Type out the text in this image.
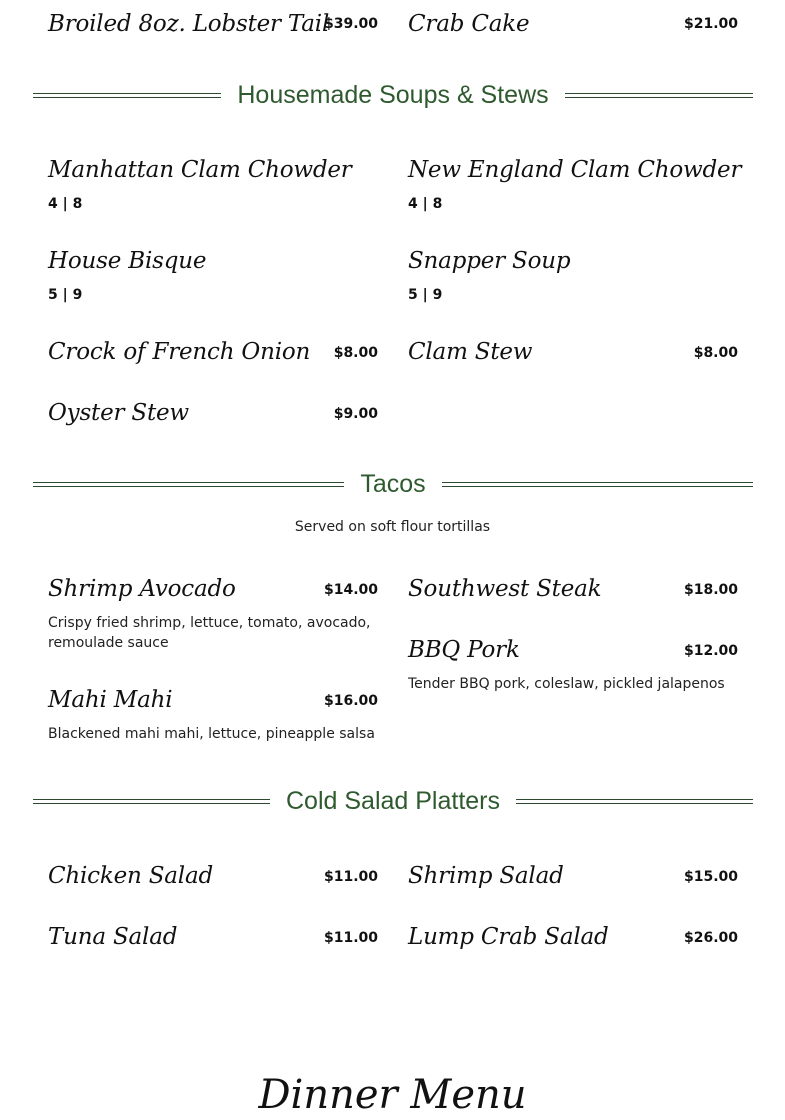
Broiled 8oz. Lobster Tail
$39.00 Crab Cake	$21.00
Housemade Soups & Stews
Manhattan Clam Chowder
4 | 8
New England Clam Chowder
4 | 8
House Bisque
5 | 9
Snapper Soup
5 | 9
Crock of French Onion	$8.00 Clam Stew	$8.00
Oyster Stew	$9.00
Tacos
Served on soft flour tortillas
Shrimp Avocado	$14.00
Crispy fried shrimp, lettuce, tomato, avocado, remoulade sauce
Southwest Steak	$18.00
BBQ Pork	$12.00
Tender BBQ pork, coleslaw, pickled jalapenos
Mahi Mahi	$16.00
Blackened mahi mahi, lettuce, pineapple salsa
Cold Salad Platters
Chicken Salad	$11.00 Shrimp Salad	$15.00
Tuna Salad	$11.00 Lump Crab Salad	$26.00
Dinner Menu
